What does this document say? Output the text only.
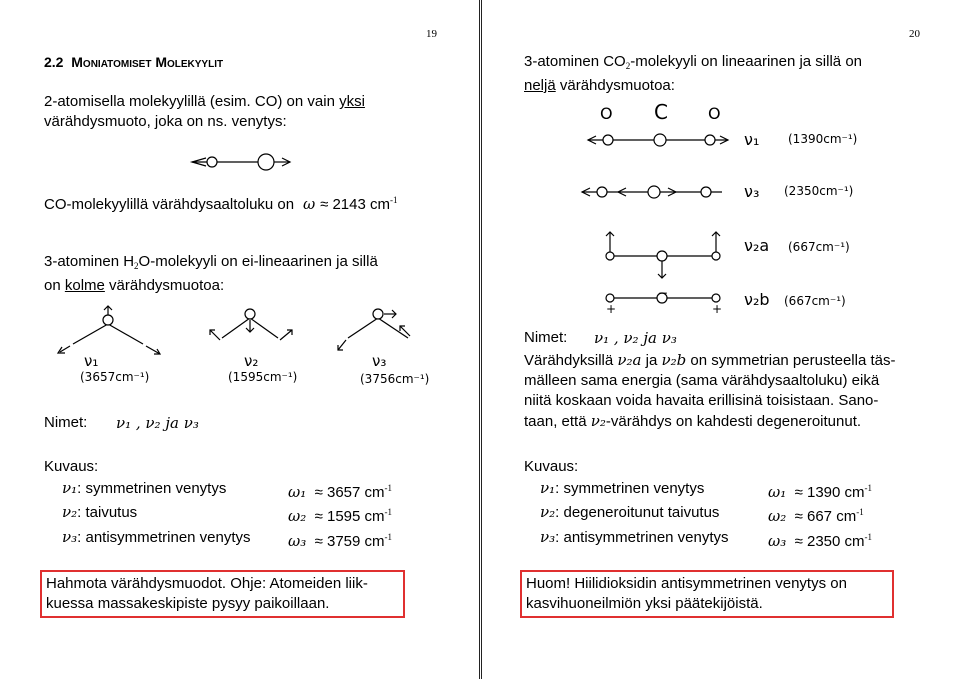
19
2.2 Moniatomiset Molekyylit
2-atomisella molekyylillä (esim. CO) on vain yksi
värähdysmuoto, joka on ns. venytys:
CO-molekyylillä värähdysaaltoluku on  ω ≈ 2143 $cm^{-1}$
3-atominen $H_2O$-molekyyli on ei-lineaarinen ja sillä
on kolme värähdysmuotoa:
ν₁
(3657cm⁻¹)
ν₂
(1595cm⁻¹)
ν₃
(3756cm⁻¹)
Nimet: ν₁ , ν₂ ja ν₃
Kuvaus:
ν₁: symmetrinen venytys	ω₁  ≈ 3657 $cm^{-1}$
ν₂: taivutus	ω₂  ≈ 1595 $cm^{-1}$
ν₃: antisymmetrinen venytys ω₃  ≈ 3759 $cm^{-1}$
Hahmota värähdysmuodot. Ohje: Atomeiden liik-
kuessa massakeskipiste pysyy paikoillaan.
20
3-atominen $CO_2$-molekyyli on lineaarinen ja sillä on
neljä värähdysmuotoa:
O C	O
ν₁ (1390cm⁻¹)
ν₃ (2350cm⁻¹)
ν₂a (667cm⁻¹)
ν₂b (667cm⁻¹)
+
−
+
Nimet: ν₁ , ν₂ ja ν₃
Värähdyksillä ν₂a ja ν₂b on symmetrian perusteella täs-
mälleen sama energia (sama värähdysaaltoluku) eikä
niitä koskaan voida havaita erillisinä toisistaan. Sano-
taan, että ν₂-värähdys on kahdesti degeneroitunut.
Kuvaus:
ν₁: symmetrinen venytys	ω₁  ≈ 1390 $cm^{-1}$
ν₂: degeneroitunut taivutus	ω₂  ≈ 667 $cm^{-1}$
ν₃: antisymmetrinen venytys	ω₃  ≈ 2350 $cm^{-1}$
Huom! Hiilidioksidin antisymmetrinen venytys on
kasvihuoneilmiön yksi päätekijöistä.
